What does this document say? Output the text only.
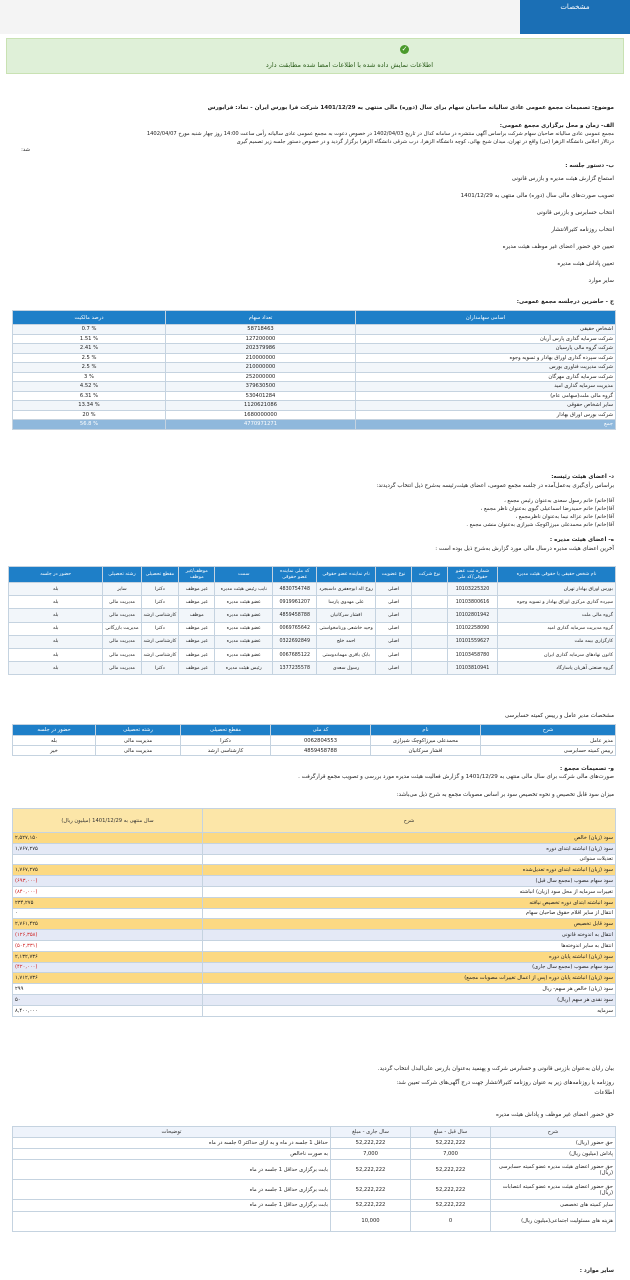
مشخصات
✓
اطلاعات نمایش داده شده با اطلاعات امضا شده مطابقت دارد
موضوع: تصمیمات مجمع عمومی عادی سالیانه صاحبان سهام برای سال (دوره) مالی منتهی به 1401/12/29 شرکت فرا بورس ایران - نماد: فرابورس
الف- زمان و محل برگزاری مجمع عمومی:
مجمع عمومی عادی سالیانه صاحبان سهام شرکت براساس آگهی منتشره در سامانه کدال در تاریخ 1402/04/03 در خصوص دعوت به مجمع عمومی عادی سالیانه رأس ساعت 14:00 روز چهار شنبه مورخ 1402/04/07
درتالار اجلاس دانشگاه الزهرا (س) واقع در تهران، میدان شیخ بهائی، کوچه دانشگاه الزهرا، درب شرقی دانشگاه الزهرا برگزار گردید و در خصوص دستور جلسه زیر تصمیم گیری
شد:
ب- دستور جلسه :
استماع گزارش هیئت مدیره و بازرس قانونی
تصویب صورت‌های مالی سال (دوره) مالی منتهی به 1401/12/29
انتخاب حسابرس و بازرس قانونی
انتخاب روزنامه کثیرالانتشار
تعیین حق حضور اعضای غیر موظف هیئت مدیره
تعیین پاداش هیئت مدیره
سایر موارد
ج - حاضرین درجلسه مجمع عمومی:
اسامی سهامداران	تعداد سهام	درصد مالکیت
اشخاص حقیقی	58718463	% 0.7
شرکت سرمایه گذاری پارس آریان	127200000	% 1.51
شرکت گروه مالی پارسیان	202379986	% 2.41
شرکت سپرده گذاری اوراق بهادار و تسویه وجوه	210000000	% 2.5
شرکت مدیریت فناوری بورس	210000000	% 2.5
شرکت سرمایه گذاری مهرگان	252000000	% 3
مدیریت سرمایه گذاری امید	379630500	% 4.52
گروه مالی ملت(سهامی عام)	530401284	% 6.31
سایر اشخاص حقوقی	1120621086	% 13.34
شرکت بورس اوراق بهادار	1680000000	% 20
جمع	4770971271	% 56.8
د- اعضای هیئت رئیسه:
براساس رأی‌گیری به‌عمل‌آمده در جلسه مجمع عمومی، اعضای هیئت‌رئیسه به‌شرح ذیل انتخاب گردیدند:
آقا(خانم) خانم رسول سعدی به‌عنوان رئیس مجمع ،
آقا(خانم) خانم حمیدرضا اسماعیلی گیوی به‌عنوان ناظر مجمع ،
آقا(خانم) خانم عزاله نیما به‌عنوان ناظرمجمع ،
آقا(خانم) خانم محمدعلی میرزاکوچک شیرازی به‌عنوان منشی مجمع .
ه- اعضای هیئت مدیره :
آخرین اعضای هیئت مدیره درسال مالی مورد گزارش به‌شرح ذیل بوده است :
نام شخص حقیقی یا حقوقی هیئت مدیره	شماره ثبت عضو حقوقی/کد ملی	نوع شرکت	نوع عضویت	نام نماینده عضو حقوقی	کد ملی نماینده عضو حقوقی	سمت	موظف/غیر موظف	مقطع تحصیلی	رشته تحصیلی	حضور در جلسه
بورس اوراق بهادار تهران	10103225320		اصلی	روح اله ابوجعفری داسبجرد	4830754748	نایب رئیس هیئت مدیره	غیر موظف	دکترا	سایر	بله
سپرده گذاری مرکزی اوراق بهادار و تسویه وجوه	10103800616		اصلی	علی مهدوی پارسا	0919961207	عضو هیئت مدیره	غیر موظف	دکترا	مدیریت مالی	بله
گروه مالی ملت	10102801942		اصلی	افشار سرکانیان	4859458788	عضو هیئت مدیره	موظف	کارشناسی ارشد	مدیریت مالی	بله
گروه مدیریت سرمایه گذاری امید	10102258090		اصلی	وحید خاشعی ورنامخواستی	0069765642	عضو هیئت مدیره	غیر موظف	دکترا	مدیریت بازرگانی	بله
کارگزاری بیمه ملت	10101559627		اصلی	احمد خلج	0322692849	عضو هیئت مدیره	غیر موظف	کارشناسی ارشد	مدیریت مالی	بله
کانون نهادهای سرمایه گذاری ایران	10103458780		اصلی	بابک باقری مهماندوستی	0067685122	عضو هیئت مدیره	غیر موظف	کارشناسی ارشد	مدیریت مالی	بله
گروه صنعتی آهریان پاسارگاد	10103810941		اصلی	رسول سعدی	1377235578	رئیس هیئت مدیره	غیر موظف	دکترا	مدیریت مالی	بله
مشخصات مدیر عامل و رییس کمیته حسابرسی
شرح	نام	کد ملی	مقطع تحصیلی	رشته تحصیلی	حضور در جلسه
مدیر عامل	محمدعلی میرزاکوچک شیرازی	0062804553	دکترا	مدیریت مالی	بله
رییس کمیته حسابرسی	افشار سرکانیان	4859458788	کارشناسی ارشد	مدیریت مالی	خیر
و- تصمیمات مجمع :
صورت‌های مالی شرکت برای سال مالی منتهی به 1401/12/29 و گزارش فعالیت هیئت مدیره مورد بررسی و تصویب مجمع قرارگرفت .
میزان سود قابل تخصیص و نحوه تخصیص سود بر اساس مصوبات مجمع به شرح ذیل می‌باشد:
شرح	سال منتهی به 1401/12/29 (میلیون ریال)
سود (زیان) خالص	۲,۵۲۷,۱۵۰
سود (زیان) انباشته ابتدای دوره	۱,۷۶۷,۲۷۵
تعدیلات سنواتی	
سود (زیان) انباشته ابتدای دوره تعدیل‌شده	۱,۷۶۷,۲۷۵
سود سهام مصوب (مجمع سال قبل)	(۶۹۳,۰۰۰)
تغییرات سرمایه از محل سود (زیان) انباشته	(۸۴۰,۰۰۰)
سود انباشته ابتدای دوره تخصیص نیافته	۲۳۴,۲۷۵
انتقال از سایر اقلام حقوق صاحبان سهام	۰
سود قابل تخصیص	۲,۷۶۱,۴۲۵
انتقال به اندوخته قانونی	(۱۲۶,۳۵۸)
انتقال به سایر اندوخته‌ها	(۵۰۲,۳۳۱)
سود (زیان) انباشته پایان دوره	۲,۱۳۲,۷۳۶
سود سهام مصوب (مجمع سال جاری)	(۴۲۰,۰۰۰)
سود (زیان) انباشته پایان دوره (پس از اعمال تغییرات مصوبات مجمع)	۱,۷۱۲,۷۳۶
سود (زیان) خالص هر سهم- ریال	۲۹۹
سود نقدی هر سهم (ریال)	۵۰
سرمایه	۸,۴۰۰,۰۰۰
بیان رایان به‌عنوان بازرس قانونی و حسابرس شرکت و پهنمید به‌عنوان بازرس علی‌البدل انتخاب گردید.
روزنامه یا روزنامه‌های زیر به عنوان روزنامه کثیرالانتشار جهت درج آگهی‌های شرکت تعیین شد:
اطلاعات
حق حضور اعضای غیر موظف و پاداش هیئت مدیره
شرح	سال قبل - مبلغ	سال جاری - مبلغ	توضیحات
حق حضور (ریال)	52,222,222	52,222,222	حداقل 1 جلسه در ماه و به ازای حداکثر 0 جلسه در ماه
پاداش (میلیون ریال)	7,000	7,000	به صورت ناخالص
حق حضور اعضای هیئت مدیره عضو کمیته حسابرسی (ریال)	52,222,222	52,222,222	بابت برگزاری حداقل 1 جلسه در ماه
حق حضور اعضای هیئت مدیره عضو کمیته انتصابات (ریال)	52,222,222	52,222,222	بابت برگزاری حداقل 1 جلسه در ماه
سایر کمیته های تخصصی	52,222,222	52,222,222	بابت برگزاری حداقل 1 جلسه در ماه
هزینه های مسئولیت اجتماعی(میلیون ریال)	0	10,000	
سایر موارد :
